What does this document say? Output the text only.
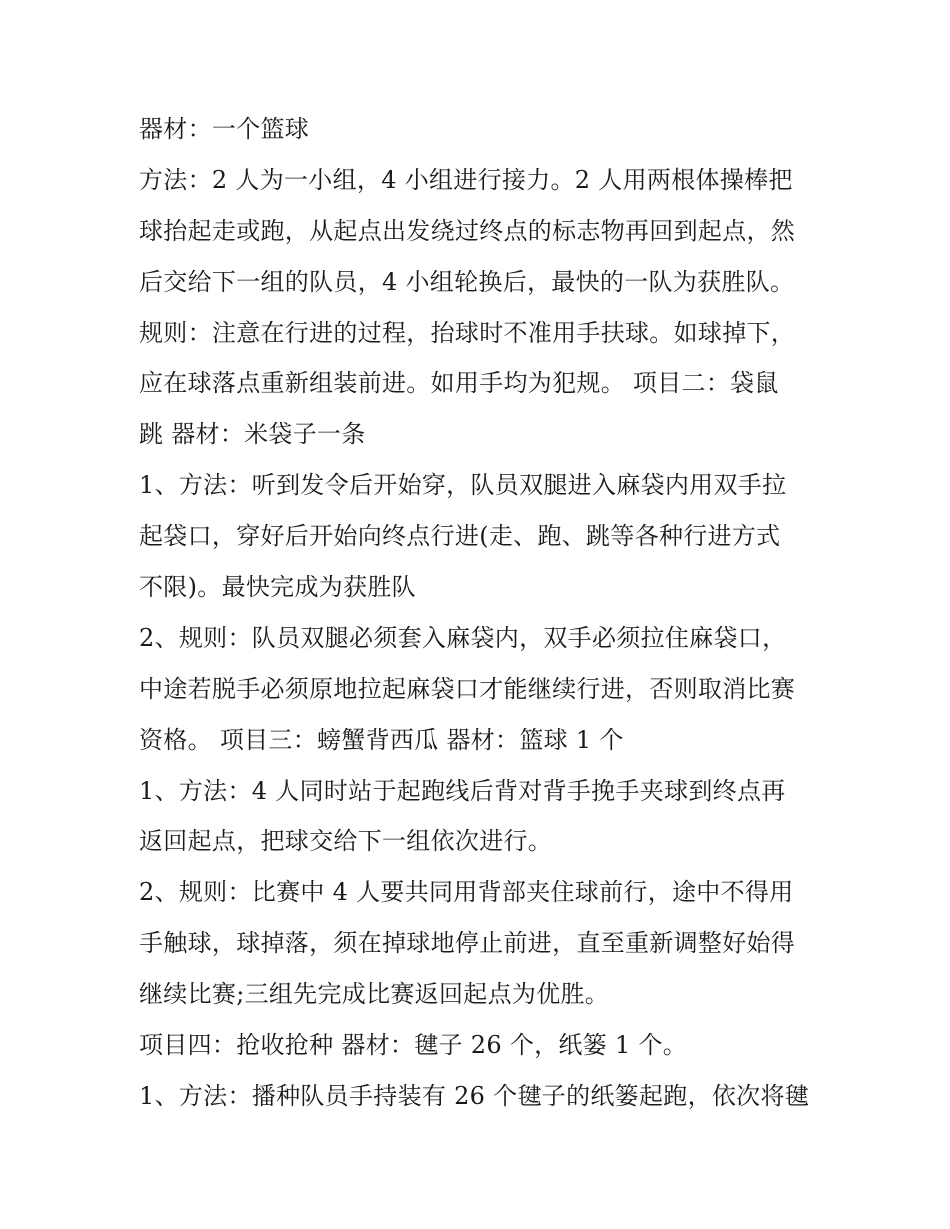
器材：一个篮球
方法：2 人为一小组，4 小组进行接力。2 人用两根体操棒把
球抬起走或跑，从起点出发绕过终点的标志物再回到起点，然
后交给下一组的队员，4 小组轮换后，最快的一队为获胜队。
规则：注意在行进的过程，抬球时不准用手扶球。如球掉下，
应在球落点重新组装前进。如用手均为犯规。 项目二：袋鼠
跳 器材：米袋子一条
1、方法：听到发令后开始穿，队员双腿进入麻袋内用双手拉
起袋口，穿好后开始向终点行进(走、跑、跳等各种行进方式
不限)。最快完成为获胜队
2、规则：队员双腿必须套入麻袋内，双手必须拉住麻袋口，
中途若脱手必须原地拉起麻袋口才能继续行进，否则取消比赛
资格。 项目三：螃蟹背西瓜 器材：篮球 1 个
1、方法：4 人同时站于起跑线后背对背手挽手夹球到终点再
返回起点，把球交给下一组依次进行。
2、规则：比赛中 4 人要共同用背部夹住球前行，途中不得用
手触球，球掉落，须在掉球地停止前进，直至重新调整好始得
继续比赛;三组先完成比赛返回起点为优胜。
项目四：抢收抢种 器材：毽子 26 个，纸篓 1 个。
1、方法：播种队员手持装有 26 个毽子的纸篓起跑，依次将毽
